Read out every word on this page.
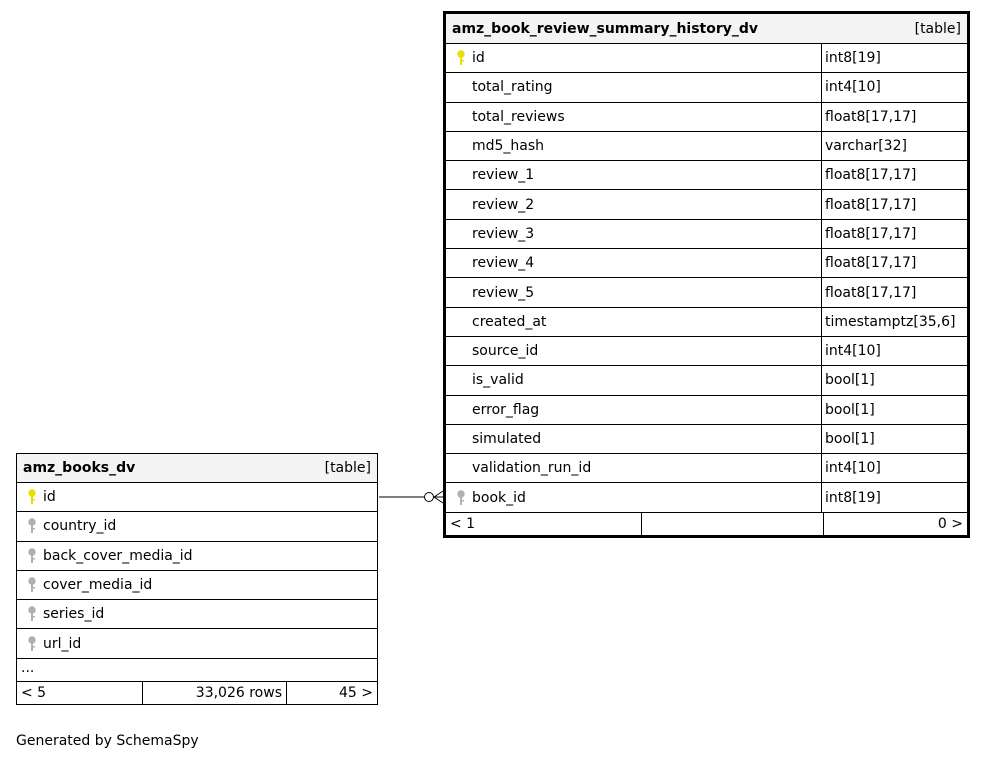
amz_book_review_summary_history_dv	[table]
id	int8[19]
total_rating	int4[10]
total_reviews	float8[17,17]
md5_hash	varchar[32]
review_1	float8[17,17]
review_2	float8[17,17]
review_3	float8[17,17]
review_4	float8[17,17]
review_5	float8[17,17]
created_at	timestamptz[35,6]
source_id	int4[10]
is_valid	bool[1]
error_flag	bool[1]
simulated	bool[1]
validation_run_id	int4[10]
book_id	int8[19]
< 1	0 >
amz_books_dv	[table]
id
country_id
back_cover_media_id
cover_media_id
series_id
url_id
...
< 5	33,026 rows	45 >
Generated by SchemaSpy
